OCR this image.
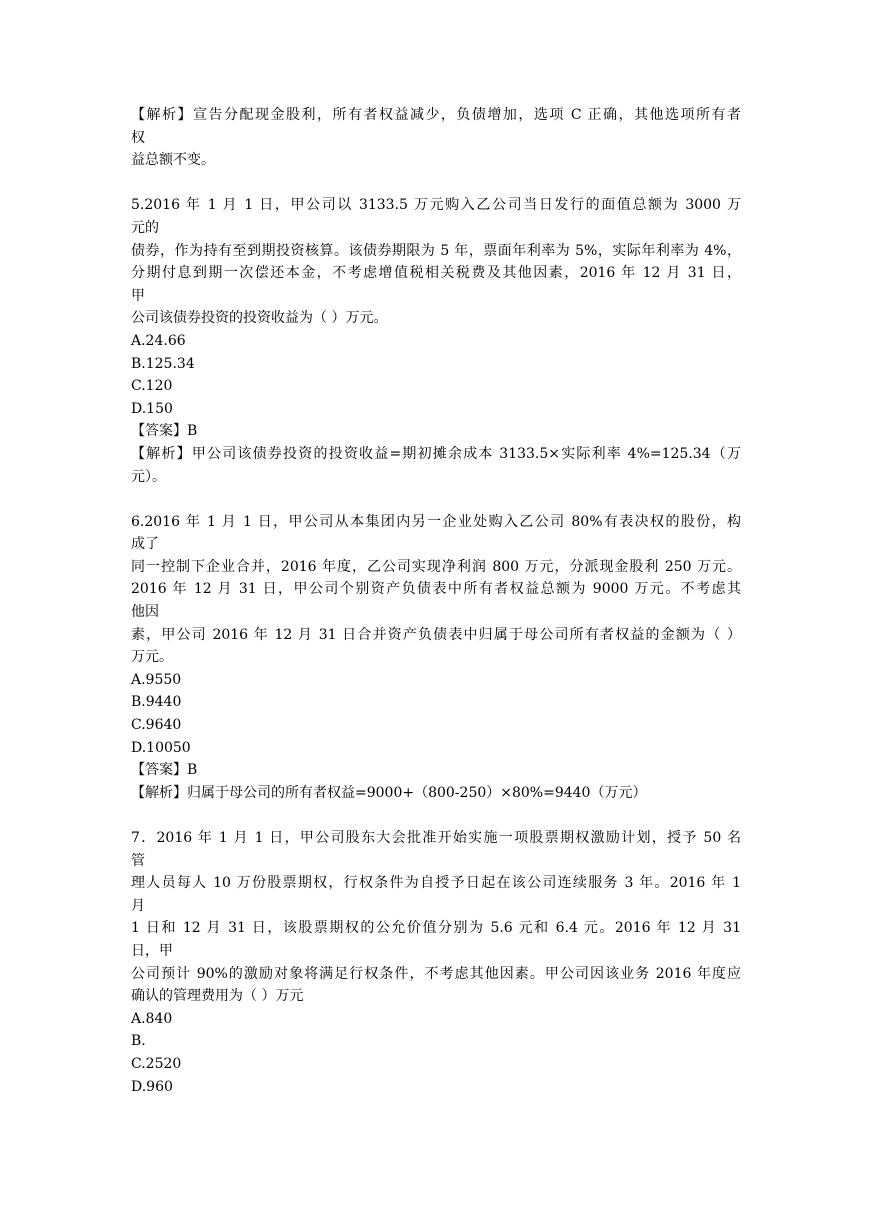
【解析】宣告分配现金股利，所有者权益减少，负债增加，选项 C 正确，其他选项所有者

权

益总额不变。

5.2016 年 1 月 1 日，甲公司以 3133.5 万元购入乙公司当日发行的面值总额为 3000 万

元的

债券，作为持有至到期投资核算。该债券期限为 5 年，票面年利率为 5%，实际年利率为 4%，

分期付息到期一次偿还本金，不考虑增值税相关税费及其他因素，2016 年 12 月 31 日，

甲

公司该债券投资的投资收益为（ ）万元。

A.24.66

B.125.34

C.120

D.150

【答案】B

【解析】甲公司该债券投资的投资收益=期初摊余成本 3133.5×实际利率 4%=125.34（万

元）。

6.2016 年 1 月 1 日，甲公司从本集团内另一企业处购入乙公司 80%有表决权的股份，构

成了

同一控制下企业合并，2016 年度，乙公司实现净利润 800 万元，分派现金股利 250 万元。

2016 年 12 月 31 日，甲公司个别资产负债表中所有者权益总额为 9000 万元。不考虑其

他因

素，甲公司 2016 年 12 月 31 日合并资产负债表中归属于母公司所有者权益的金额为（ ）

万元。

A.9550

B.9440

C.9640

D.10050

【答案】B

【解析】归属于母公司的所有者权益=9000+（800-250）×80%=9440（万元）

7．2016 年 1 月 1 日，甲公司股东大会批准开始实施一项股票期权激励计划，授予 50 名

管

理人员每人 10 万份股票期权，行权条件为自授予日起在该公司连续服务 3 年。2016 年 1

月

1 日和 12 月 31 日，该股票期权的公允价值分别为 5.6 元和 6.4 元。2016 年 12 月 31

日，甲

公司预计 90%的激励对象将满足行权条件，不考虑其他因素。甲公司因该业务 2016 年度应

确认的管理费用为（ ）万元

A.840

B.

C.2520

D.960
